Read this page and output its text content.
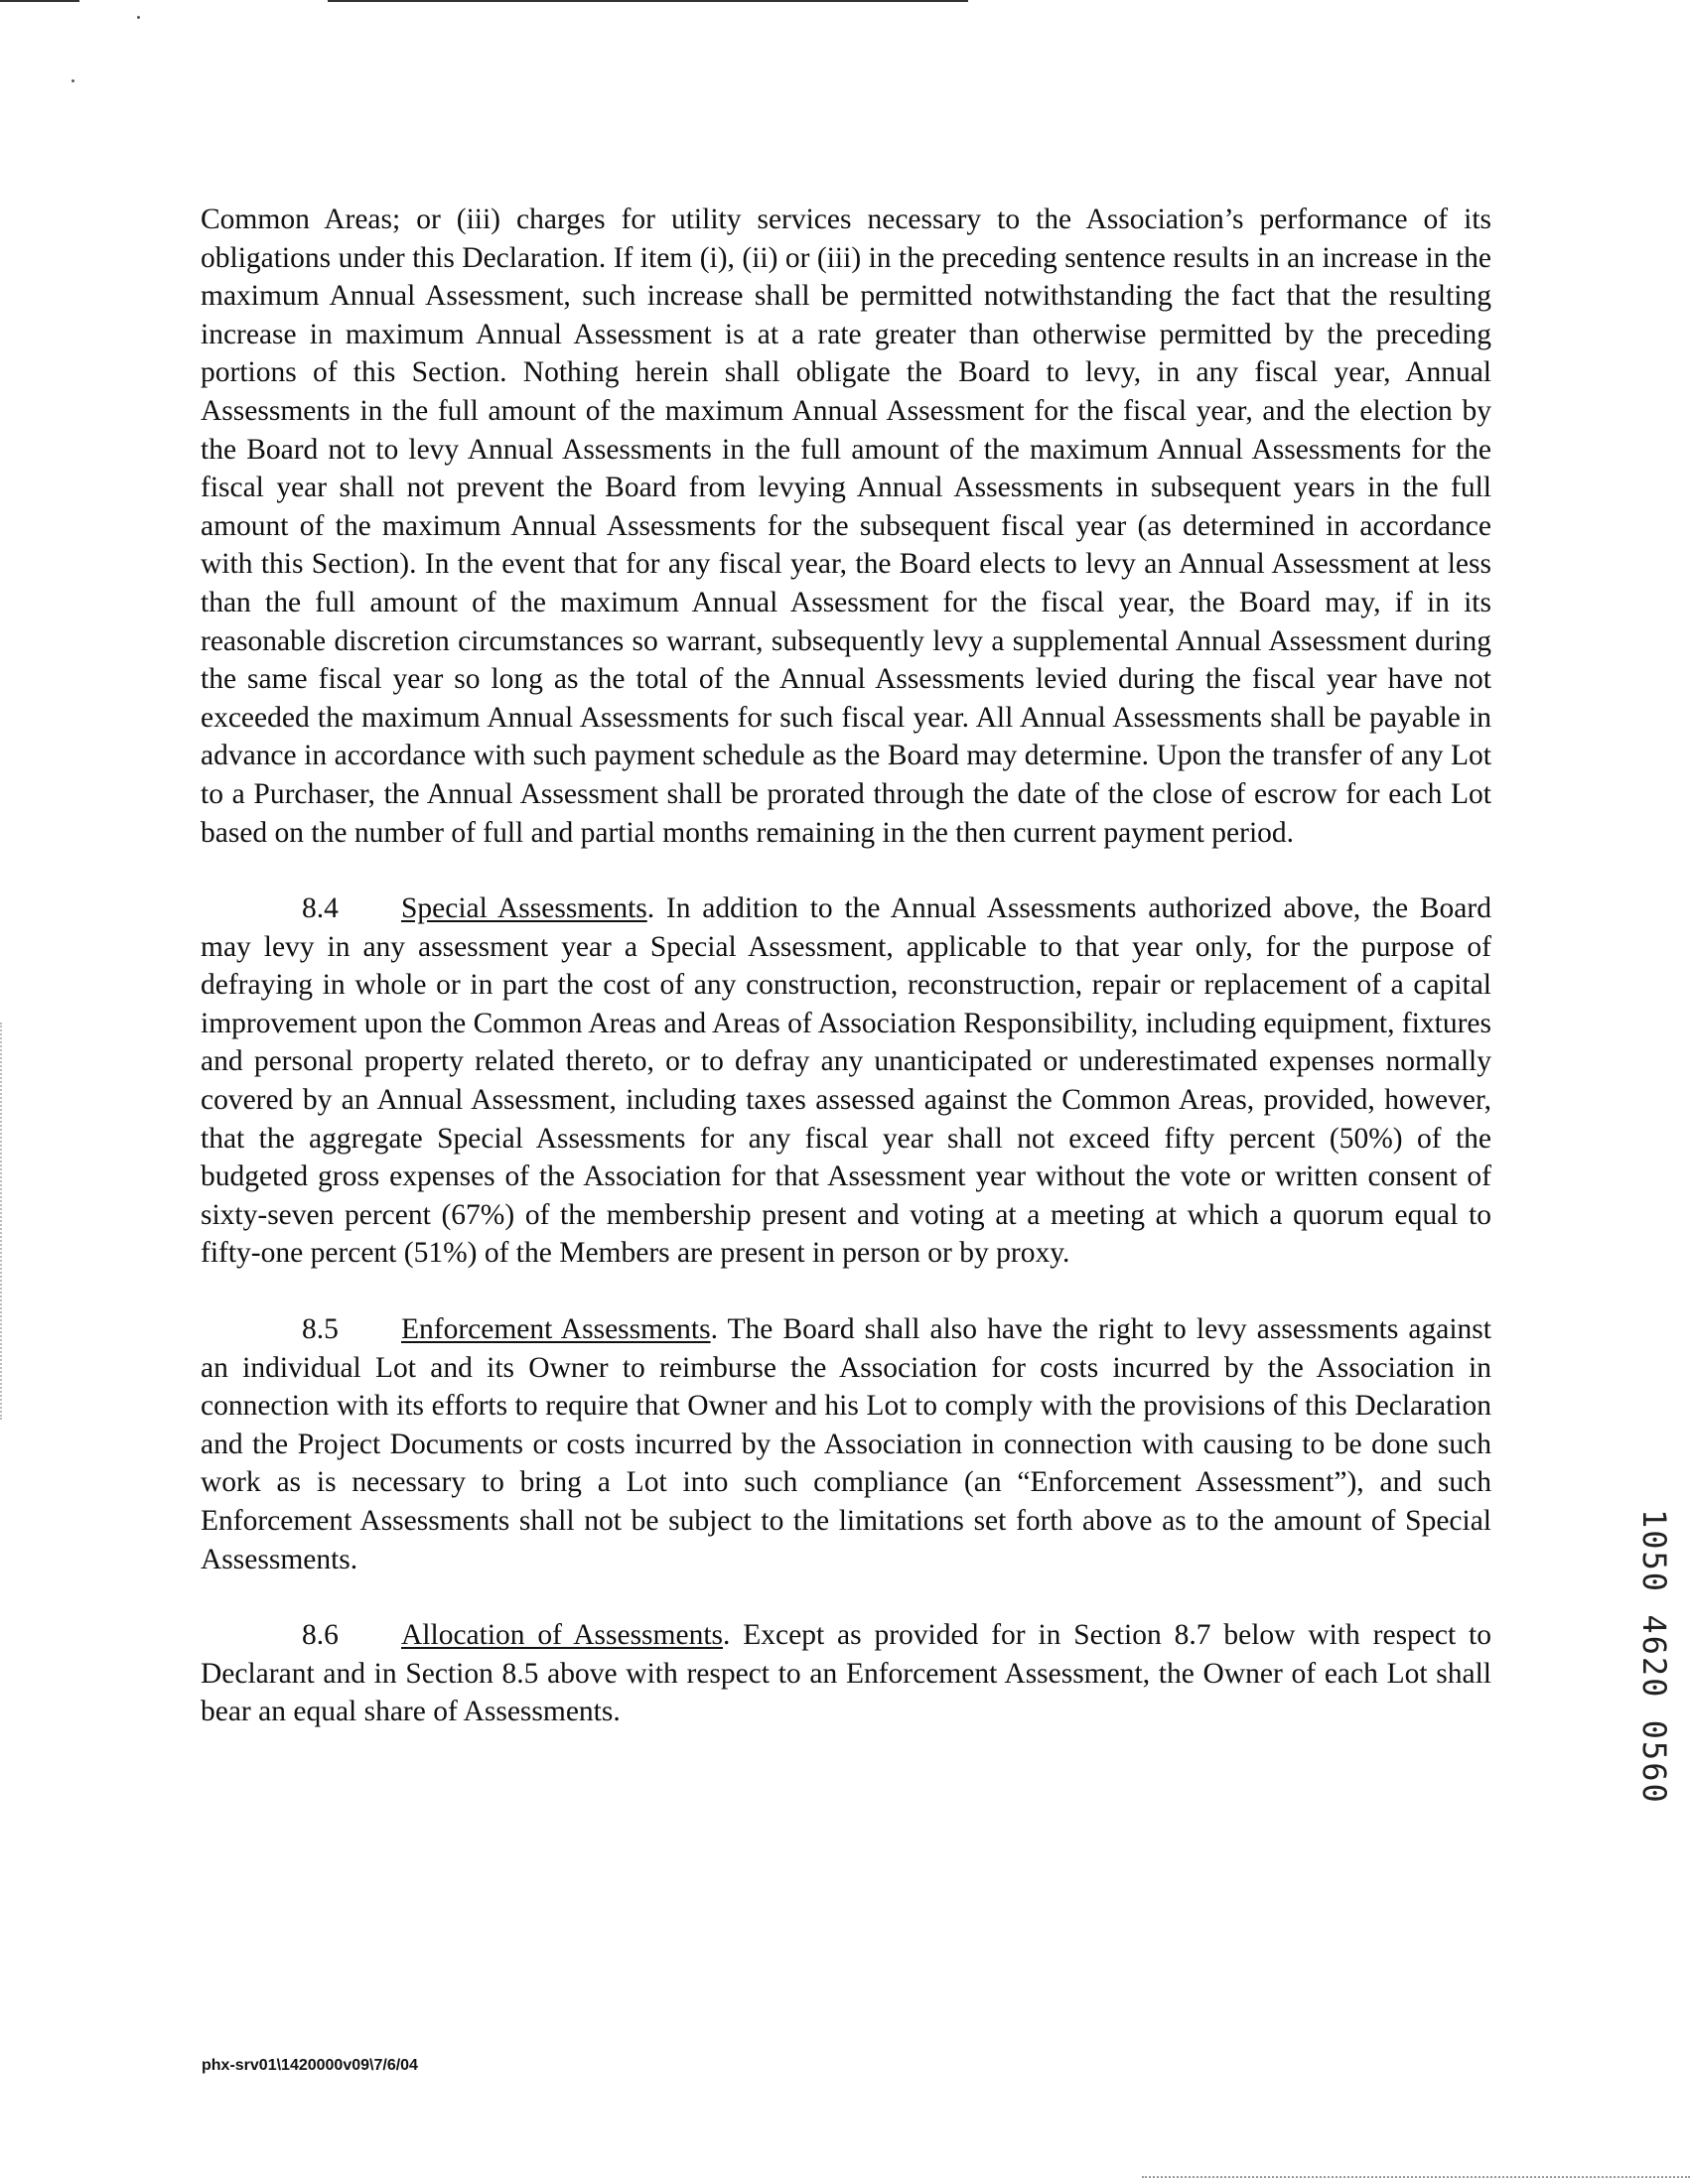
Common Areas; or (iii) charges for utility services necessary to the Association’s performance of its obligations under this Declaration. If item (i), (ii) or (iii) in the preceding sentence results in an increase in the maximum Annual Assessment, such increase shall be permitted notwithstanding the fact that the resulting increase in maximum Annual Assessment is at a rate greater than otherwise permitted by the preceding portions of this Section. Nothing herein shall obligate the Board to levy, in any fiscal year, Annual Assessments in the full amount of the maximum Annual Assessment for the fiscal year, and the election by the Board not to levy Annual Assessments in the full amount of the maximum Annual Assessments for the fiscal year shall not prevent the Board from levying Annual Assessments in subsequent years in the full amount of the maximum Annual Assessments for the subsequent fiscal year (as determined in accordance with this Section). In the event that for any fiscal year, the Board elects to levy an Annual Assessment at less than the full amount of the maximum Annual Assessment for the fiscal year, the Board may, if in its reasonable discretion circumstances so warrant, subsequently levy a supplemental Annual Assessment during the same fiscal year so long as the total of the Annual Assessments levied during the fiscal year have not exceeded the maximum Annual Assessments for such fiscal year. All Annual Assessments shall be payable in advance in accordance with such payment schedule as the Board may determine. Upon the transfer of any Lot to a Purchaser, the Annual Assessment shall be prorated through the date of the close of escrow for each Lot based on the number of full and partial months remaining in the then current payment period.

8.4 Special Assessments. In addition to the Annual Assessments authorized above, the Board may levy in any assessment year a Special Assessment, applicable to that year only, for the purpose of defraying in whole or in part the cost of any construction, reconstruction, repair or replacement of a capital improvement upon the Common Areas and Areas of Association Responsibility, including equipment, fixtures and personal property related thereto, or to defray any unanticipated or underestimated expenses normally covered by an Annual Assessment, including taxes assessed against the Common Areas, provided, however, that the aggregate Special Assessments for any fiscal year shall not exceed fifty percent (50%) of the budgeted gross expenses of the Association for that Assessment year without the vote or written consent of sixty-seven percent (67%) of the membership present and voting at a meeting at which a quorum equal to fifty-one percent (51%) of the Members are present in person or by proxy.

8.5 Enforcement Assessments. The Board shall also have the right to levy assessments against an individual Lot and its Owner to reimburse the Association for costs incurred by the Association in connection with its efforts to require that Owner and his Lot to comply with the provisions of this Declaration and the Project Documents or costs incurred by the Association in connection with causing to be done such work as is necessary to bring a Lot into such compliance (an “Enforcement Assessment”), and such Enforcement Assessments shall not be subject to the limitations set forth above as to the amount of Special Assessments.

8.6 Allocation of Assessments. Except as provided for in Section 8.7 below with respect to Declarant and in Section 8.5 above with respect to an Enforcement Assessment, the Owner of each Lot shall bear an equal share of Assessments.	1050 4620 0560
phx-srv01\1420000v09\7/6/04
